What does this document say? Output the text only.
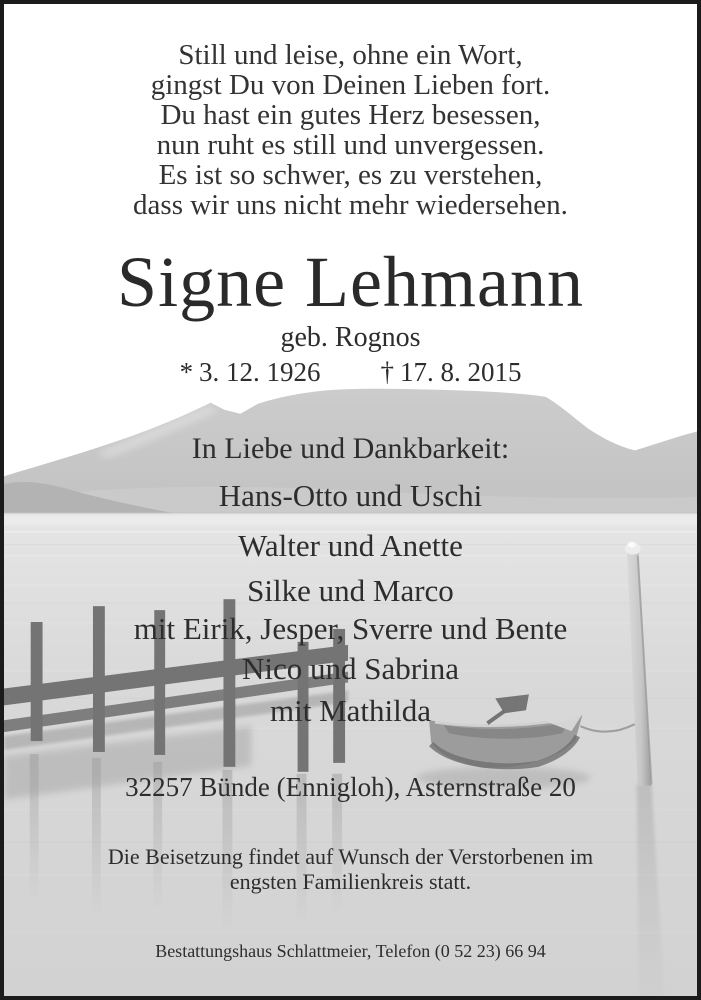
Still und leise, ohne ein Wort,
gingst Du von Deinen Lieben fort.
Du hast ein gutes Herz besessen,
nun ruht es still und unvergessen.
Es ist so schwer, es zu verstehen,
dass wir uns nicht mehr wiedersehen.
Signe Lehmann
geb. Rognos
* 3. 12. 1926 † 17. 8. 2015
In Liebe und Dankbarkeit:
Hans-Otto und Uschi
Walter und Anette
Silke und Marco
mit Eirik, Jesper, Sverre und Bente
Nico und Sabrina
mit Mathilda
32257 Bünde (Ennigloh), Asternstraße 20
Die Beisetzung findet auf Wunsch der Verstorbenen im
engsten Familienkreis statt.
Bestattungshaus Schlattmeier, Telefon (0 52 23) 66 94
